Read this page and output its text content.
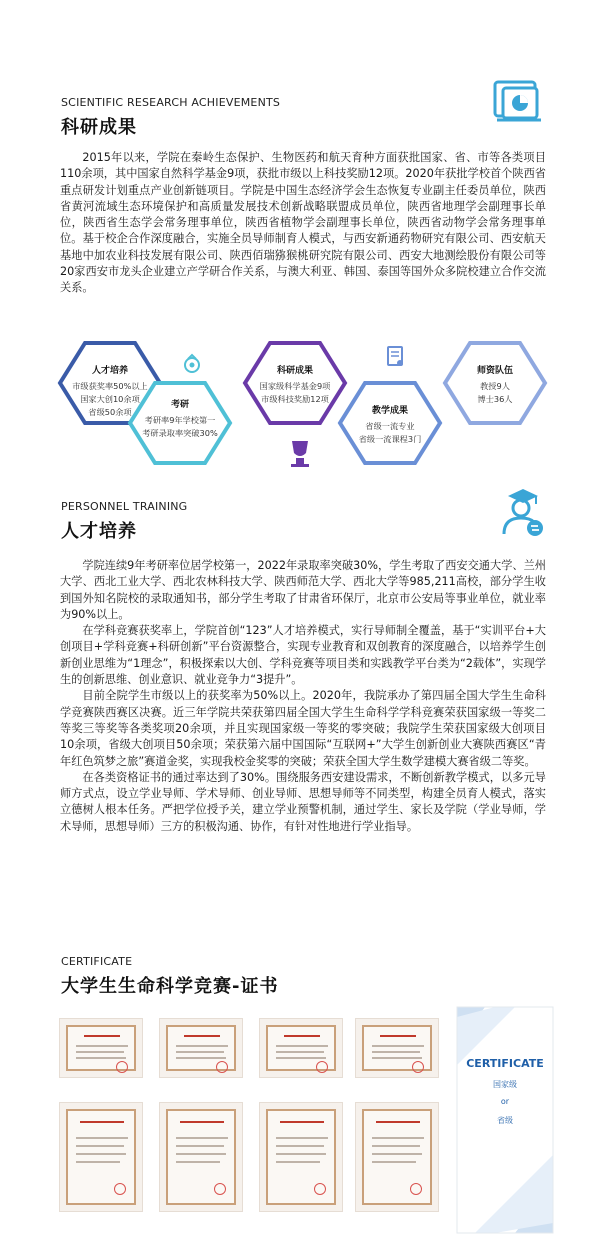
SCIENTIFIC RESEARCH ACHIEVEMENTS
科研成果

2015年以来，学院在秦岭生态保护、生物医药和航天育种方面获批国家、省、市等各类项目110余项，其中国家自然科学基金9项，获批市级以上科技奖励12项。2020年获批学校首个陕西省重点研发计划重点产业创新链项目。学院是中国生态经济学会生态恢复专业副主任委员单位，陕西省黄河流域生态环境保护和高质量发展技术创新战略联盟成员单位，陕西省地理学会副理事长单位，陕西省生态学会常务理事单位，陕西省植物学会副理事长单位，陕西省动物学会常务理事单位。基于校企合作深度融合，实施全员导师制育人模式，与西安新通药物研究有限公司、西安航天基地中加农业科技发展有限公司、陕西佰瑞猕猴桃研究院有限公司、西安大地测绘股份有限公司等20家西安市龙头企业建立产学研合作关系，与澳大利亚、韩国、泰国等国外众多院校建立合作交流关系。

人才培养
市级获奖率50%以上
国家大创10余项
省级50余项
考研
考研率9年学校第一
考研录取率突破30%
科研成果
国家级科学基金9项
市级科技奖励12项
教学成果
省级一流专业
省级一流课程3门
师资队伍
教授9人
博士36人
PERSONNEL TRAINING
人才培养

学院连续9年考研率位居学校第一，2022年录取率突破30%，学生考取了西安交通大学、兰州大学、西北工业大学、西北农林科技大学、陕西师范大学、西北大学等985,211高校，部分学生收到国外知名院校的录取通知书，部分学生考取了甘肃省环保厅，北京市公安局等事业单位，就业率为90%以上。

在学科竞赛获奖率上，学院首创“123”人才培养模式，实行导师制全覆盖，基于“实训平台+大创项目+学科竞赛+科研创新”平台资源整合，实现专业教育和双创教育的深度融合，以培养学生创新创业思维为“1理念”，积极探索以大创、学科竞赛等项目类和实践教学平台类为“2载体”，实现学生的创新思维、创业意识、就业竞争力“3提升”。

目前全院学生市级以上的获奖率为50%以上。2020年，我院承办了第四届全国大学生生命科学竞赛陕西赛区决赛。近三年学院共荣获第四届全国大学生生命科学学科竞赛荣获国家级一等奖二等奖三等奖等各类奖项20余项，并且实现国家级一等奖的零突破；我院学生荣获国家级大创项目10余项，省级大创项目50余项；荣获第六届中国国际“互联网+”大学生创新创业大赛陕西赛区“青年红色筑梦之旅”赛道金奖，实现我校金奖零的突破；荣获全国大学生数学建模大赛省级二等奖。

在各类资格证书的通过率达到了30%。围绕服务西安建设需求，不断创新教学模式，以多元导师方式点，设立学业导师、学术导师、创业导师、思想导师等不同类型，构建全员育人模式，落实立德树人根本任务。严把学位授予关，建立学业预警机制，通过学生、家长及学院（学业导师，学术导师，思想导师）三方的积极沟通、协作，有针对性地进行学业指导。

CERTIFICATE
大学生生命科学竞赛-证书
CERTIFICATE
国家级
or
省级
